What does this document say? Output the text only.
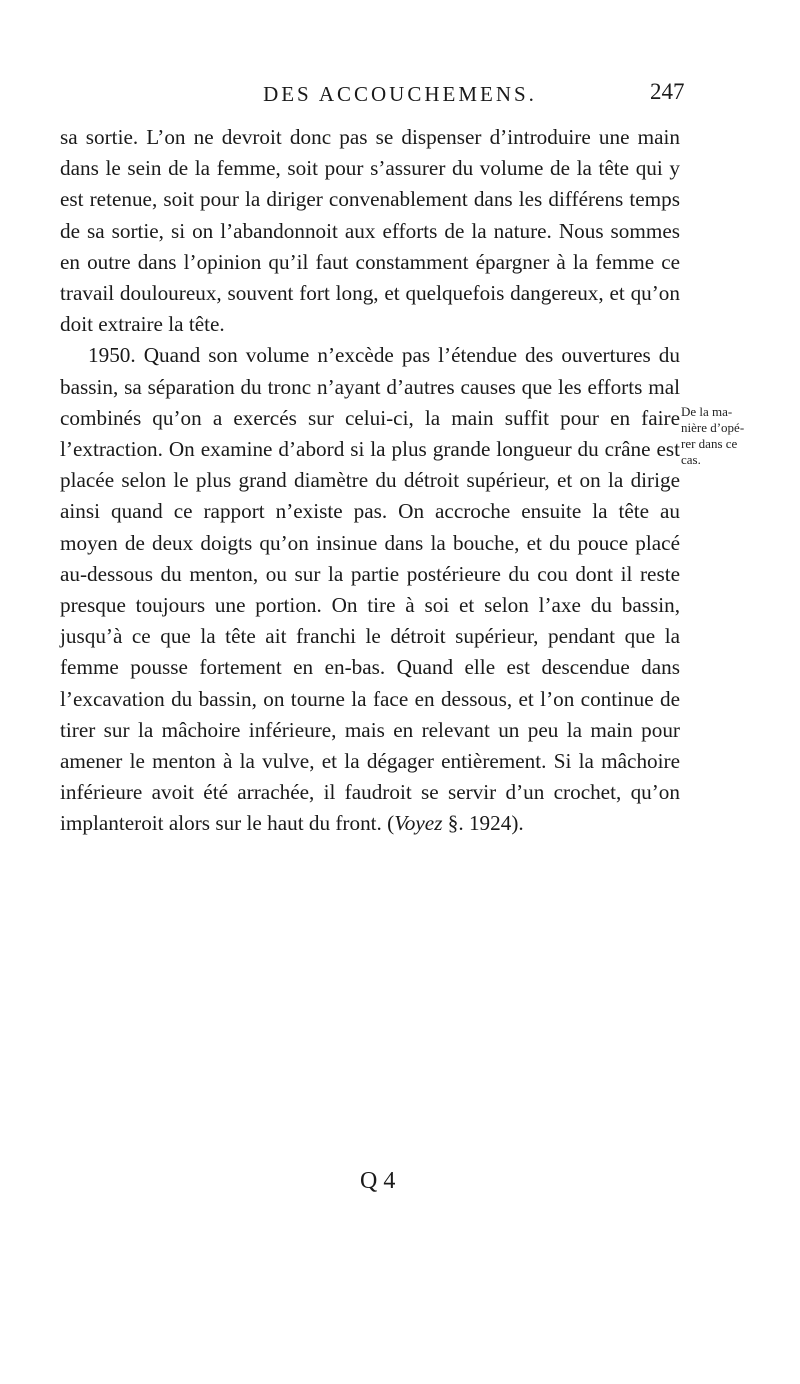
DES ACCOUCHEMENS.	247

sa sortie. L’on ne devroit donc pas se dispenser d’introduire une main dans le sein de la femme, soit pour s’assurer du volume de la tête qui y est retenue, soit pour la diriger convenablement dans les différens temps de sa sortie, si on l’abandonnoit aux efforts de la nature. Nous sommes en outre dans l’opinion qu’il faut constamment épargner à la femme ce travail douloureux, souvent fort long, et quelquefois dangereux, et qu’on doit extraire la tête.

1950. Quand son volume n’excède pas l’étendue des ouvertures du bassin, sa séparation du tronc n’ayant d’autres causes que les efforts mal combinés qu’on a exercés sur celui-ci, la main suffit pour en faire l’extraction. On examine d’abord si la plus grande longueur du crâne est placée selon le plus grand diamètre du détroit supérieur, et on la dirige ainsi quand ce rapport n’existe pas. On accroche ensuite la tête au moyen de deux doigts qu’on insinue dans la bouche, et du pouce placé au-dessous du menton, ou sur la partie postérieure du cou dont il reste presque toujours une portion. On tire à soi et selon l’axe du bassin, jusqu’à ce que la tête ait franchi le détroit supérieur, pendant que la femme pousse fortement en en-bas. Quand elle est descendue dans l’excavation du bassin, on tourne la face en dessous, et l’on continue de tirer sur la mâchoire inférieure, mais en relevant un peu la main pour amener le menton à la vulve, et la dégager entièrement. Si la mâchoire inférieure avoit été arrachée, il faudroit se servir d’un crochet, qu’on implanteroit alors sur le haut du front. (Voyez §. 1924).

De la ma-
nière d’opé-
rer dans ce
cas.
Q 4
